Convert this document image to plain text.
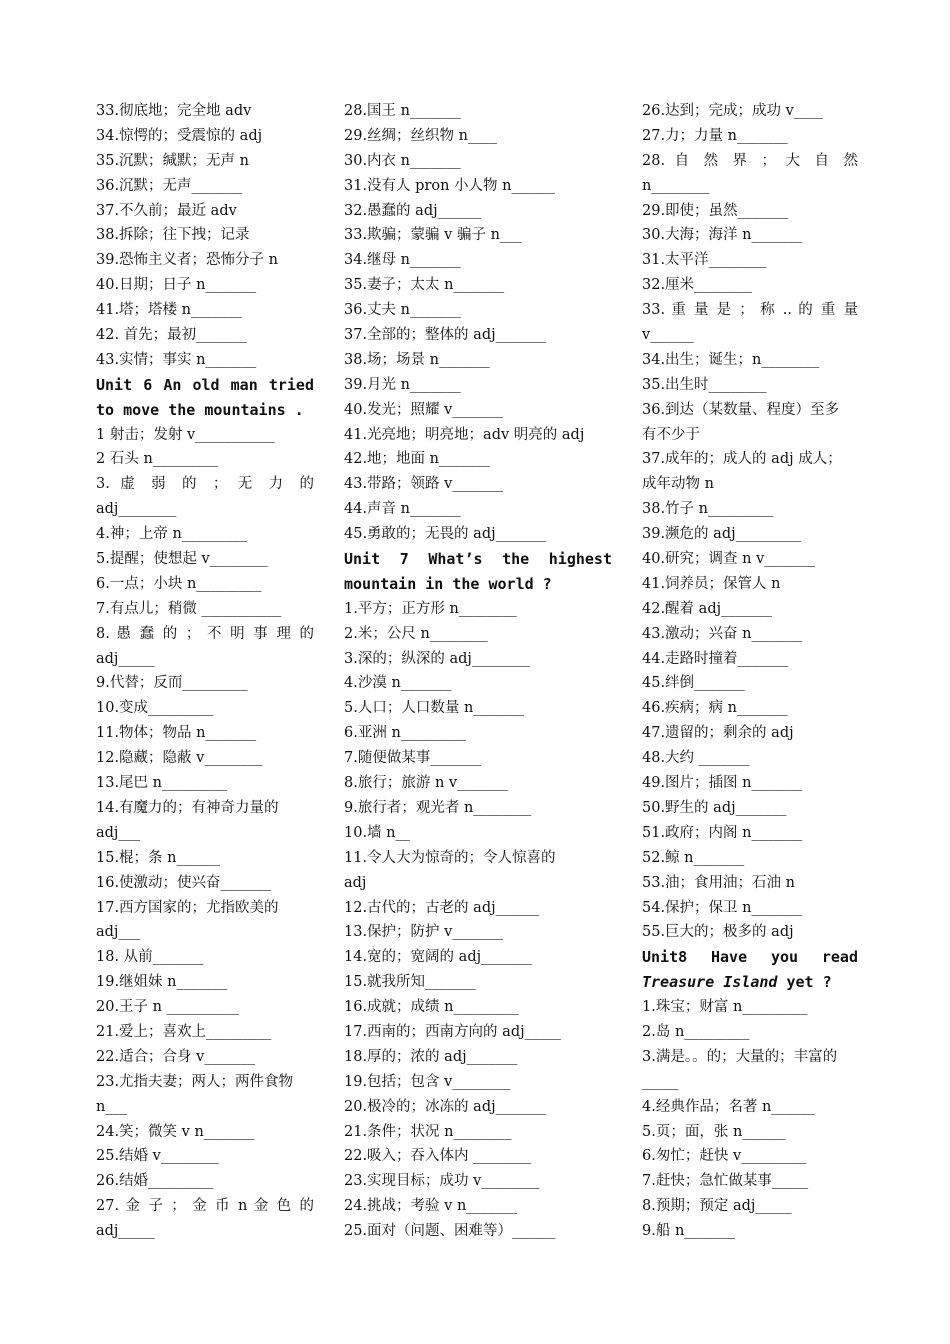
33.彻底地；完全地 adv
34.惊愕的；受震惊的 adj
35.沉默；缄默；无声 n
36.沉默；无声_______
37.不久前；最近 adv
38.拆除；往下拽；记录
39.恐怖主义者；恐怖分子 n
40.日期；日子 n_______
41.塔；塔楼 n_______
42. 首先；最初_______
43.实情；事实 n_______
Unit 6 An old man tried
to move the mountains .
1 射击；发射 v___________
2 石头 n_________
3. 虚 弱 的 ； 无 力 的
adj________
4.神；上帝 n_________
5.提醒；使想起 v________
6.一点；小块 n_________
7.有点儿；稍微 ___________
8. 愚 蠢 的 ； 不 明 事 理 的
adj_____
9.代替；反而_________
10.变成_________
11.物体；物品 n_______
12.隐藏；隐蔽 v________
13.尾巴 n_________
14.有魔力的；有神奇力量的
adj___
15.棍；条 n______
16.使激动；使兴奋_______
17.西方国家的；尤指欧美的
adj___
18. 从前_______
19.继姐妹 n_______
20.王子 n __________
21.爱上；喜欢上_________
22.适合；合身 v_______
23.尤指夫妻；两人；两件食物
n___
24.笑；微笑 v n_______
25.结婚 v________
26.结婚_________
27. 金 子 ； 金 币 n 金 色 的
adj_____
28.国王 n_______
29.丝绸；丝织物 n____
30.内衣 n_______
31.没有人 pron 小人物 n______
32.愚蠢的 adj______
33.欺骗；蒙骗 v 骗子 n___
34.继母 n_______
35.妻子；太太 n_______
36.丈夫 n_______
37.全部的；整体的 adj_______
38.场；场景 n_______
39.月光 n_______
40.发光；照耀 v_______
41.光亮地；明亮地；adv 明亮的 adj
42.地；地面 n_______
43.带路；领路 v_______
44.声音 n_______
45.勇敢的；无畏的 adj_______
Unit 7 What’s the highest
mountain in the world ?
1.平方；正方形 n________
2.米；公尺 n________
3.深的；纵深的 adj________
4.沙漠 n_______
5.人口；人口数量 n_______
6.亚洲 n_________
7.随便做某事_______
8.旅行；旅游 n v_______
9.旅行者；观光者 n________
10.墙 n__
11.令人大为惊奇的；令人惊喜的
adj
12.古代的；古老的 adj______
13.保护；防护 v_______
14.宽的；宽阔的 adj_______
15.就我所知_______
16.成就；成绩 n_________
17.西南的；西南方向的 adj_____
18.厚的；浓的 adj_______
19.包括；包含 v________
20.极冷的；冰冻的 adj_______
21.条件；状况 n________
22.吸入；吞入体内 ________
23.实现目标；成功 v________
24.挑战；考验 v n_______
25.面对（问题、困难等）______
26.达到；完成；成功 v____
27.力；力量 n_______
28. 自 然 界 ； 大 自 然
n________
29.即使；虽然_______
30.大海；海洋 n_______
31.太平洋________
32.厘米________
33. 重 量 是 ； 称 .. 的 重 量
v______
34.出生；诞生；n________
35.出生时________
36.到达（某数量、程度）至多
有不少于
37.成年的；成人的 adj 成人；
成年动物 n
38.竹子 n_________
39.濒危的 adj_________
40.研究；调查 n v_______
41.饲养员；保管人 n
42.醒着 adj_______
43.激动；兴奋 n_______
44.走路时撞着_______
45.绊倒_______
46.疾病；病 n_______
47.遗留的；剩余的 adj
48.大约 _______
49.图片；插图 n_______
50.野生的 adj_______
51.政府；内阁 n_______
52.鲸 n_______
53.油；食用油；石油 n
54.保护；保卫 n_______
55.巨大的；极多的 adj
Unit8 Have you read
Treasure Island yet ?
1.珠宝；财富 n_________
2.岛 n_________
3.满是。。的；大量的；丰富的
_____
4.经典作品；名著 n______
5.页；面，张 n______
6.匆忙；赶快 v_________
7.赶快；急忙做某事_____
8.预期；预定 adj_____
9.船 n_______
